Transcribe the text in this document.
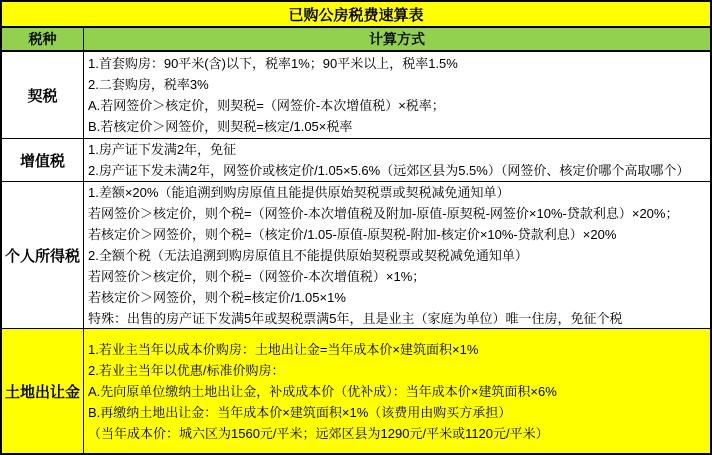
已购公房税费速算表
税种	计算方式
契税
1.首套购房：90平米(含)以下，税率1%；90平米以上，税率1.5%
2.二套购房，税率3%
A.若网签价＞核定价，则契税=（网签价-本次增值税）×税率；
B.若核定价＞网签价，则契税=核定/1.05×税率
增值税
1.房产证下发满2年，免征
2.房产证下发未满2年，网签价或核定价/1.05×5.6%（远郊区县为5.5%）（网签价、核定价哪个高取哪个）
个人所得税
1.差额×20%（能追溯到购房原值且能提供原始契税票或契税减免通知单）
若网签价＞核定价，则个税=（网签价-本次增值税及附加-原值-原契税-网签价×10%-贷款利息）×20%；
若核定价＞网签价，则个税=（核定价/1.05-原值-原契税-附加-核定价×10%-贷款利息）×20%
2.全额个税（无法追溯到购房原值且不能提供原始契税票或契税减免通知单）
若网签价＞核定价，则个税=（网签价-本次增值税）×1%；
若核定价＞网签价，则个税=核定价/1.05×1%
特殊：出售的房产证下发满5年或契税票满5年，且是业主（家庭为单位）唯一住房，免征个税
土地出让金
1.若业主当年以成本价购房：土地出让金=当年成本价×建筑面积×1%
2.若业主当年以优惠/标准价购房：
A.先向原单位缴纳土地出让金，补成成本价（优补成）：当年成本价×建筑面积×6%
B.再缴纳土地出让金：当年成本价×建筑面积×1%（该费用由购买方承担）
（当年成本价：城六区为1560元/平米；远郊区县为1290元/平米或1120元/平米）
